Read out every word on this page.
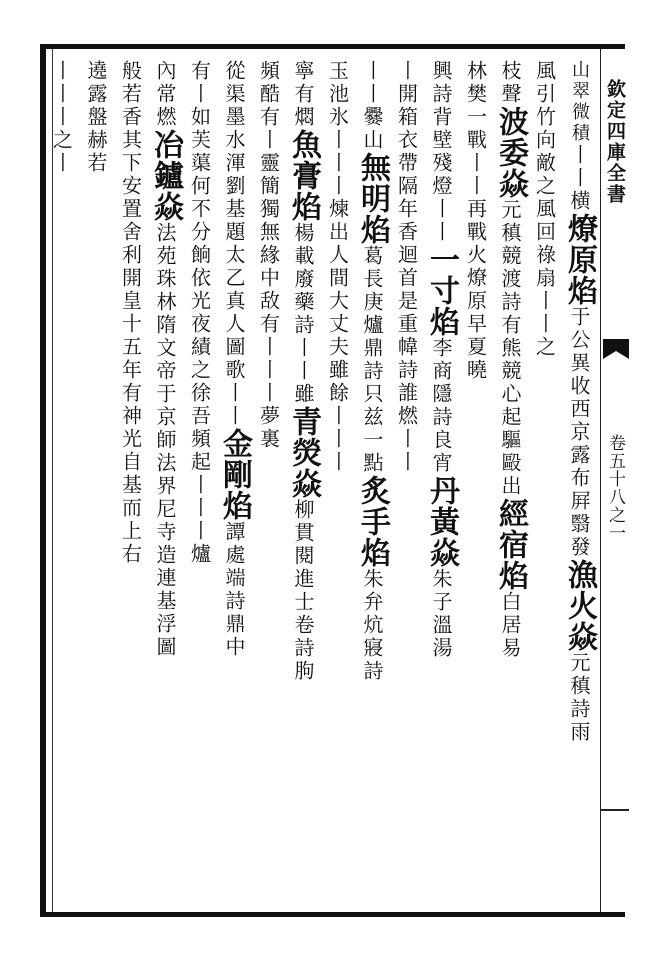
欽定四庫全書
卷五十八之一
山翠微積丨丨横燎原焰于公異收西京露布屛翳發漁火焱元稹詩雨
風引竹向敵之風回祿扇丨丨之
枝聲波委焱元稹競渡詩有熊競心起驅毆出經宿焰白居易
林樊一戰丨丨再戰火燎原早夏曉
興詩背壁殘燈丨丨一寸焰李商隱詩良宵丹黃焱朱子溫湯
丨開箱衣帶隔年香迴首是重幃詩誰燃丨丨
丨丨爨山無明焰葛長庚爐鼎詩只兹一點炙手焰朱弁炕寢詩
玉池氷丨丨丨煉出人間大丈夫雖餘丨丨丨
寧有燜魚膏焰楊載廢藥詩丨丨雖青熒焱柳貫閱進士卷詩朐
頻酷有丨靈簡獨無緣中敌有丨丨丨夢裏
從渠墨水渾劉基題太乙真人圖歌丨丨金剛焰譚處端詩鼎中
有丨如芙蕖何不分餉依光夜績之徐吾頻起丨丨丨爐
內常燃冶鑪焱法苑珠林隋文帝于京師法界尼寺造連基浮圖
般若香其下安置舍利開皇十五年有神光自基而上右
遶露盤赫若
丨丨丨之丨
